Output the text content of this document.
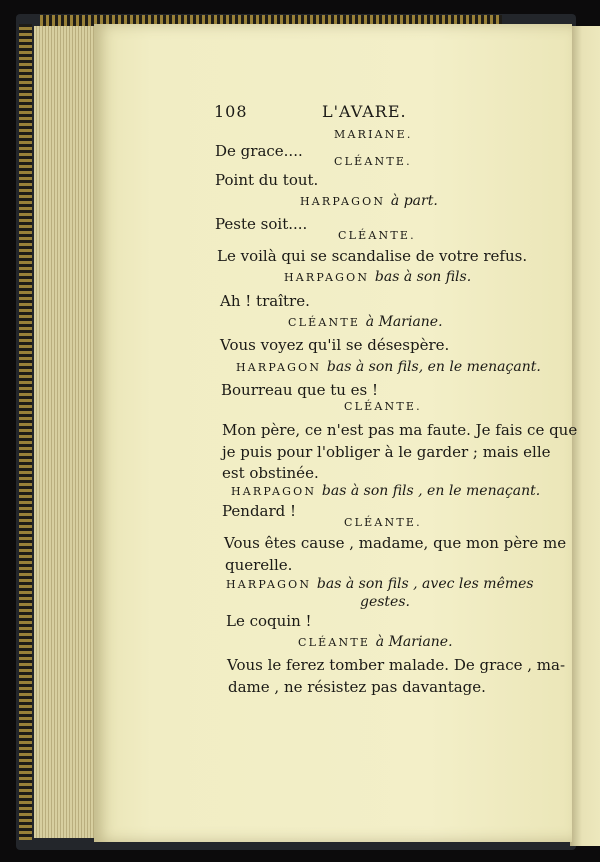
108	L'AVARE.
MARIANE.
De grace....
CLÉANTE.
Point du tout.
HARPAGON à part.
Peste soit....
CLÉANTE.
Le voilà qui se scandalise de votre refus.
HARPAGON bas à son fils.
Ah ! traître.
CLÉANTE à Mariane.
Vous voyez qu'il se désespère.
HARPAGON bas à son fils, en le menaçant.
Bourreau que tu es !
CLÉANTE.
Mon père, ce n'est pas ma faute. Je fais ce que
je puis pour l'obliger à le garder ; mais elle
est obstinée.
HARPAGON bas à son fils , en le menaçant.
Pendard !
CLÉANTE.
Vous êtes cause , madame, que mon père me
querelle.
HARPAGON bas à son fils , avec les mêmes
gestes.
Le coquin !
CLÉANTE à Mariane.
Vous le ferez tomber malade. De grace , ma-
dame , ne résistez pas davantage.
